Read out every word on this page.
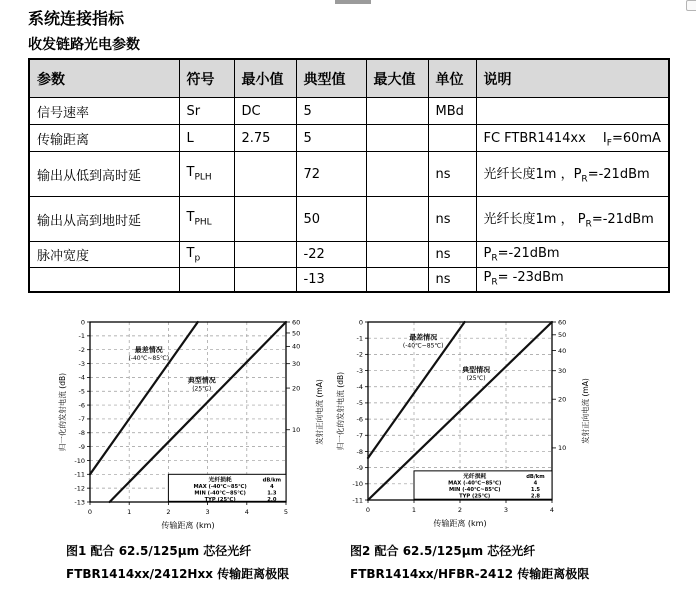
系统连接指标
收发链路光电参数
参数	符号	最小值	典型值	最大值	单位	说明
信号速率	Sr	DC	5		MBd	
传输距离	L	2.75	5			FC FTBR1414xx　 $I_F=60mA$
输出从低到高时延	$T_{PLH}$		72		ns	光纤长度1m ，$P_R=-21dBm$
输出从高到地时延	$T_{PHL}$		50		ns	光纤长度1m ， $P_R=-21dBm$
脉冲宽度	$T_p$		-22		ns	$P_R=-21dBm$
			-13		ns	$P_R= -23dBm$
0
-1
-2
-3
-4
-5
-6
-7
-8
-9
-10
-11
-12
-13
0	1	2	3	4	5
60
50
40
30
20
10
最差情况
(-40℃~85℃)
典型情况
(25℃)
光纤损耗	dB/km
MAX (-40℃~85℃)	4
MIN (-40℃~85℃)	1.3
TYP (25℃)	2.0
传输距离 (km)
归一化的发射电流 (dB)	发射正向电流 (mA)
0
-1
-2
-3
-4
-5
-6
-7
-8
-9
-10
-11
0	1	2	3	4
60
50
40
30
20
10
最差情况
(-40℃~85℃)
典型情况
(25℃)
光纤损耗	dB/km
MAX (-40℃~85℃)	4
MIN (-40℃~85℃)	1.5
TYP (25℃)	2.8
传输距离 (km)
归一化的发射电流 (dB)	发射正向电流 (mA)
图1 配合 62.5/125μm 芯径光纤
FTBR1414xx/2412Hxx 传输距离极限
图2 配合 62.5/125μm 芯径光纤
FTBR1414xx/HFBR-2412 传输距离极限
